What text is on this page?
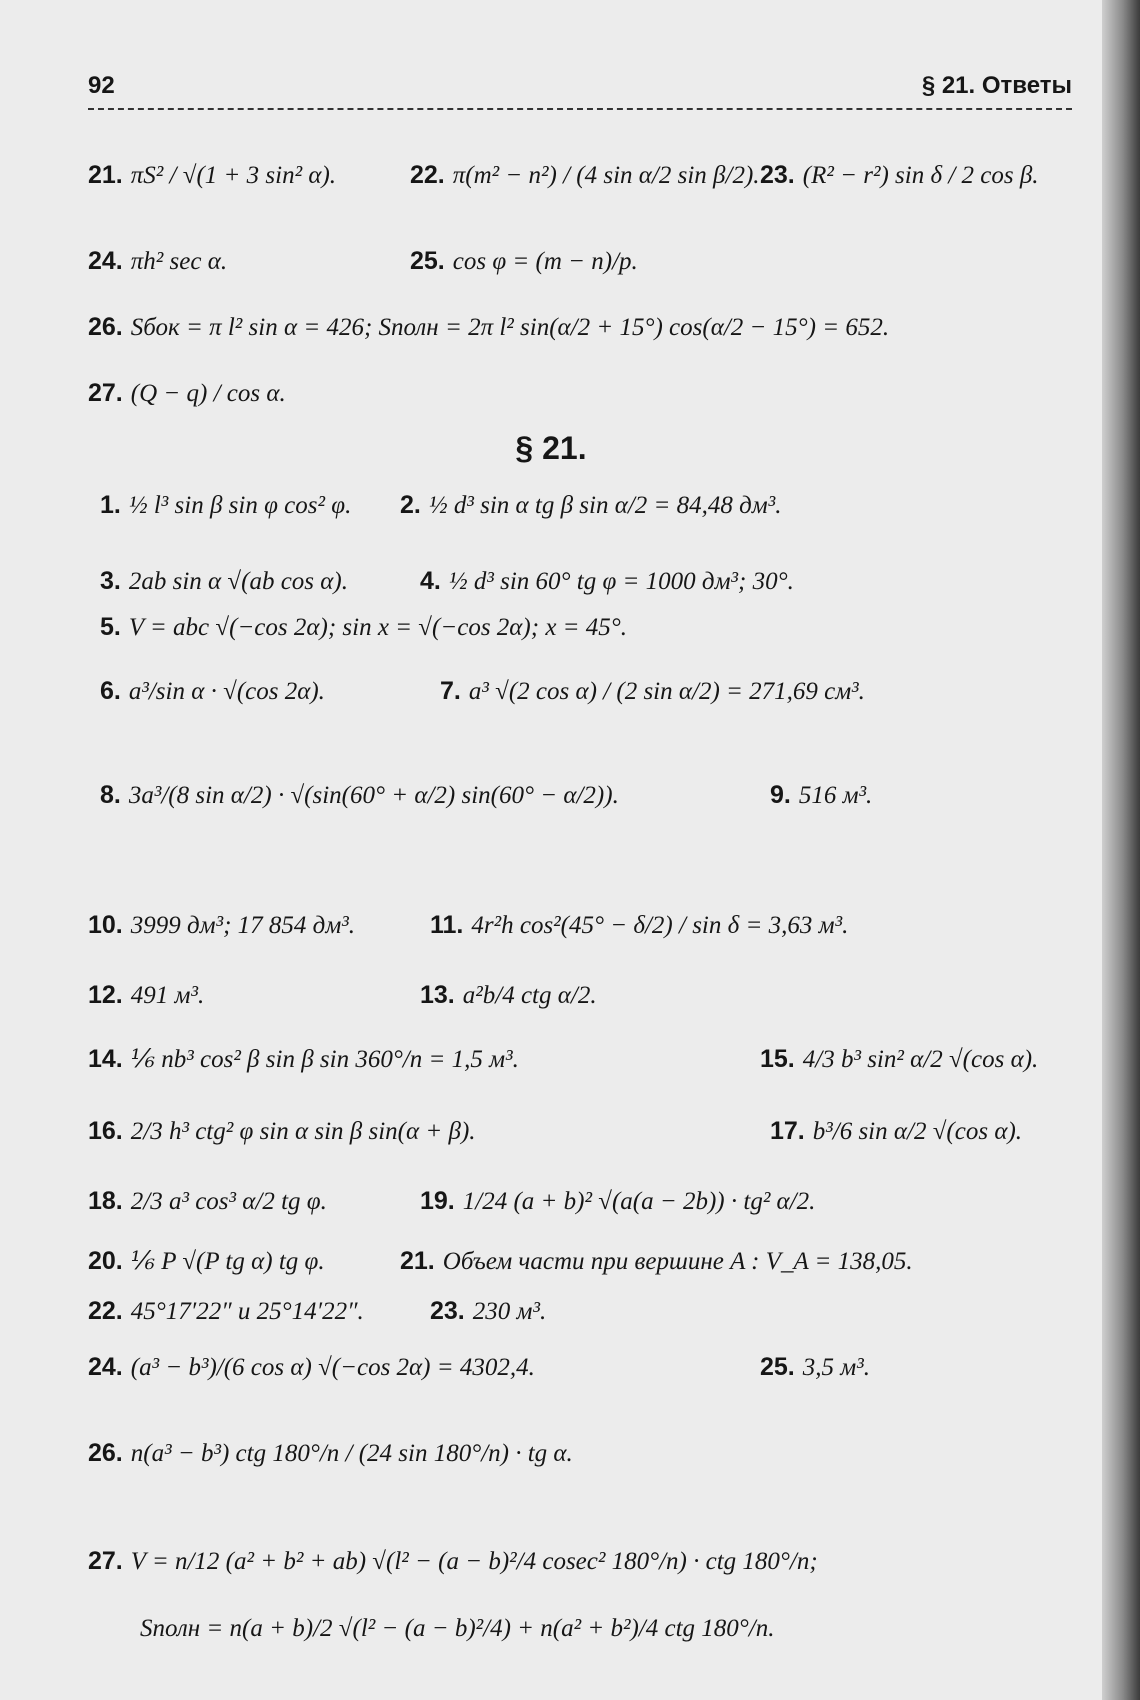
92	§ 21. Ответы
21. πS² / √(1 + 3 sin² α).	22. π(m² − n²) / (4 sin α/2 sin β/2). 23. (R² − r²) sin δ / 2 cos β.
24. πh² sec α.	25. cos φ = (m − n)/p.
26. Sбок = π l² sin α = 426; Sполн = 2π l² sin(α/2 + 15°) cos(α/2 − 15°) = 652.
27. (Q − q) / cos α.
§ 21.
1. ½ l³ sin β sin φ cos² φ. 2. ½ d³ sin α tg β sin α/2 = 84,48 дм³.
3. 2ab sin α √(ab cos α).	4. ½ d³ sin 60° tg φ = 1000 дм³; 30°.
5. V = abc √(−cos 2α); sin x = √(−cos 2α); x = 45°.
6. a³/sin α · √(cos 2α).	7. a³ √(2 cos α) / (2 sin α/2) = 271,69 см³.
8. 3a³/(8 sin α/2) · √(sin(60° + α/2) sin(60° − α/2)).	9. 516 м³.
10. 3999 дм³; 17 854 дм³.	11. 4r²h cos²(45° − δ/2) / sin δ = 3,63 м³.
12. 491 м³.	13. a²b/4 ctg α/2.
14. ⅙ nb³ cos² β sin β sin 360°/n = 1,5 м³.	15. 4/3 b³ sin² α/2 √(cos α).
16. 2/3 h³ ctg² φ sin α sin β sin(α + β).	17. b³/6 sin α/2 √(cos α).
18. 2/3 a³ cos³ α/2 tg φ.	19. 1/24 (a + b)² √(a(a − 2b)) · tg² α/2.
20. ⅙ P √(P tg α) tg φ.	21. Объем части при вершине A : V_A = 138,05.
22. 45°17′22″ и 25°14′22″.	23. 230 м³.
24. (a³ − b³)/(6 cos α) √(−cos 2α) = 4302,4.	25. 3,5 м³.
26. n(a³ − b³) ctg 180°/n / (24 sin 180°/n) · tg α.
27. V = n/12 (a² + b² + ab) √(l² − (a − b)²/4 cosec² 180°/n) · ctg 180°/n;
Sполн = n(a + b)/2 √(l² − (a − b)²/4) + n(a² + b²)/4 ctg 180°/n.
